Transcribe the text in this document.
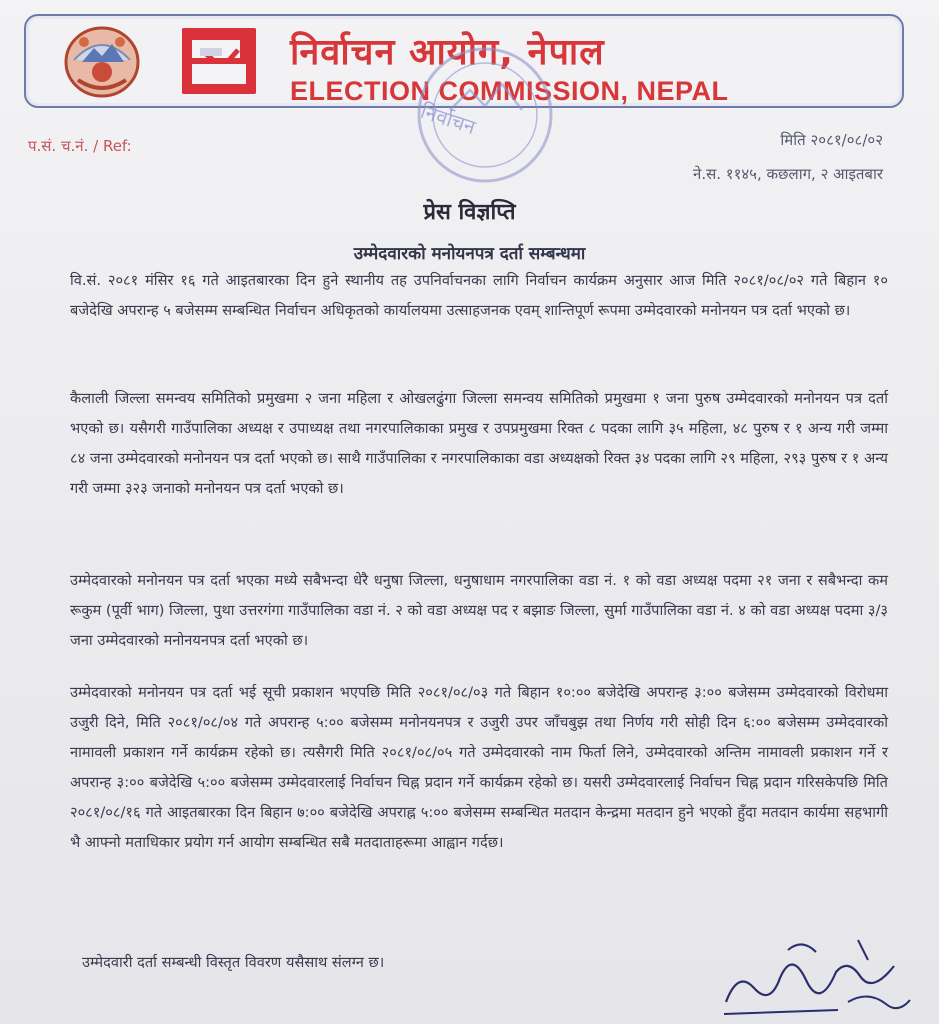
निर्वाचन आयोग, नेपाल
ELECTION COMMISSION, NEPAL
निर्वाचन
प.सं. च.नं. / Ref:	मिति २०८१/०८/०२
ने.स. ११४५, कछलाग, २ आइतबार
प्रेस विज्ञप्ति
उम्मेदवारको मनोयनपत्र दर्ता सम्बन्धमा

वि.सं. २०८१ मंसिर १६ गते आइतबारका दिन हुने स्थानीय तह उपनिर्वाचनका लागि निर्वाचन कार्यक्रम अनुसार आज मिति २०८१/०८/०२ गते बिहान १० बजेदेखि अपरान्ह ५ बजेसम्म सम्बन्धित निर्वाचन अधिकृतको कार्यालयमा उत्साहजनक एवम् शान्तिपूर्ण रूपमा उम्मेदवारको मनोनयन पत्र दर्ता भएको छ।

कैलाली जिल्ला समन्वय समितिको प्रमुखमा २ जना महिला र ओखलढुंगा जिल्ला समन्वय समितिको प्रमुखमा १ जना पुरुष उम्मेदवारको मनोनयन पत्र दर्ता भएको छ। यसैगरी गाउँपालिका अध्यक्ष र उपाध्यक्ष तथा नगरपालिकाका प्रमुख र उपप्रमुखमा रिक्त ८ पदका लागि ३५ महिला, ४८ पुरुष र १ अन्य गरी जम्मा ८४ जना उम्मेदवारको मनोनयन पत्र दर्ता भएको छ। साथै गाउँपालिका र नगरपालिकाका वडा अध्यक्षको रिक्त ३४ पदका लागि २९ महिला, २९३ पुरुष र १ अन्य गरी जम्मा ३२३ जनाको मनोनयन पत्र दर्ता भएको छ।

उम्मेदवारको मनोनयन पत्र दर्ता भएका मध्ये सबैभन्दा धेरै धनुषा जिल्ला, धनुषाधाम नगरपालिका वडा नं. १ को वडा अध्यक्ष पदमा २१ जना र सबैभन्दा कम रूकुम (पूर्वी भाग) जिल्ला, पुथा उत्तरगंगा गाउँपालिका वडा नं. २ को वडा अध्यक्ष पद र बझाङ जिल्ला, सुर्मा गाउँपालिका वडा नं. ४ को वडा अध्यक्ष पदमा ३/३ जना उम्मेदवारको मनोनयनपत्र दर्ता भएको छ।

उम्मेदवारको मनोनयन पत्र दर्ता भई सूची प्रकाशन भएपछि मिति २०८१/०८/०३ गते बिहान १०:०० बजेदेखि अपरान्ह ३:०० बजेसम्म उम्मेदवारको विरोधमा उजुरी दिने, मिति २०८१/०८/०४ गते अपरान्ह ५:०० बजेसम्म मनोनयनपत्र र उजुरी उपर जाँचबुझ तथा निर्णय गरी सोही दिन ६:०० बजेसम्म उम्मेदवारको नामावली प्रकाशन गर्ने कार्यक्रम रहेको छ। त्यसैगरी मिति २०८१/०८/०५ गते उम्मेदवारको नाम फिर्ता लिने, उम्मेदवारको अन्तिम नामावली प्रकाशन गर्ने र अपरान्ह ३:०० बजेदेखि ५:०० बजेसम्म उम्मेदवारलाई निर्वाचन चिह्न प्रदान गर्ने कार्यक्रम रहेको छ। यसरी उम्मेदवारलाई निर्वाचन चिह्न प्रदान गरिसकेपछि मिति २०८१/०८/१६ गते आइतबारका दिन बिहान ७:०० बजेदेखि अपराह्न ५:०० बजेसम्म सम्बन्धित मतदान केन्द्रमा मतदान हुने भएको हुँदा मतदान कार्यमा सहभागी भै आफ्नो मताधिकार प्रयोग गर्न आयोग सम्बन्धित सबै मतदाताहरूमा आह्वान गर्दछ।

उम्मेदवारी दर्ता सम्बन्धी विस्तृत विवरण यसैसाथ संलग्न छ।
